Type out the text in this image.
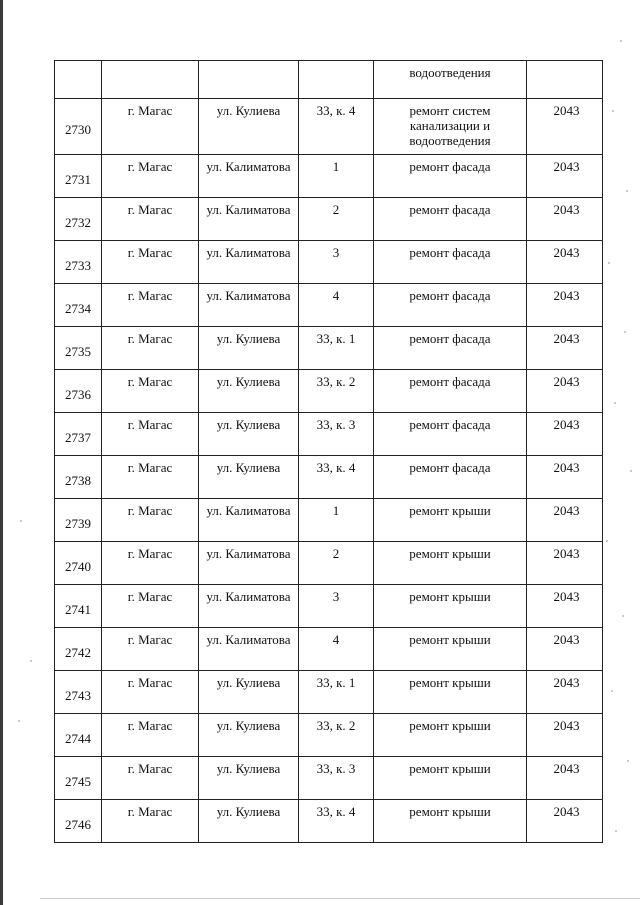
				водоотведения	
2730	г. Магас	ул. Кулиева	33, к. 4	ремонт систем канализации и водоотведения	2043
2731	г. Магас	ул. Калиматова	1	ремонт фасада	2043
2732	г. Магас	ул. Калиматова	2	ремонт фасада	2043
2733	г. Магас	ул. Калиматова	3	ремонт фасада	2043
2734	г. Магас	ул. Калиматова	4	ремонт фасада	2043
2735	г. Магас	ул. Кулиева	33, к. 1	ремонт фасада	2043
2736	г. Магас	ул. Кулиева	33, к. 2	ремонт фасада	2043
2737	г. Магас	ул. Кулиева	33, к. 3	ремонт фасада	2043
2738	г. Магас	ул. Кулиева	33, к. 4	ремонт фасада	2043
2739	г. Магас	ул. Калиматова	1	ремонт крыши	2043
2740	г. Магас	ул. Калиматова	2	ремонт крыши	2043
2741	г. Магас	ул. Калиматова	3	ремонт крыши	2043
2742	г. Магас	ул. Калиматова	4	ремонт крыши	2043
2743	г. Магас	ул. Кулиева	33, к. 1	ремонт крыши	2043
2744	г. Магас	ул. Кулиева	33, к. 2	ремонт крыши	2043
2745	г. Магас	ул. Кулиева	33, к. 3	ремонт крыши	2043
2746	г. Магас	ул. Кулиева	33, к. 4	ремонт крыши	2043
